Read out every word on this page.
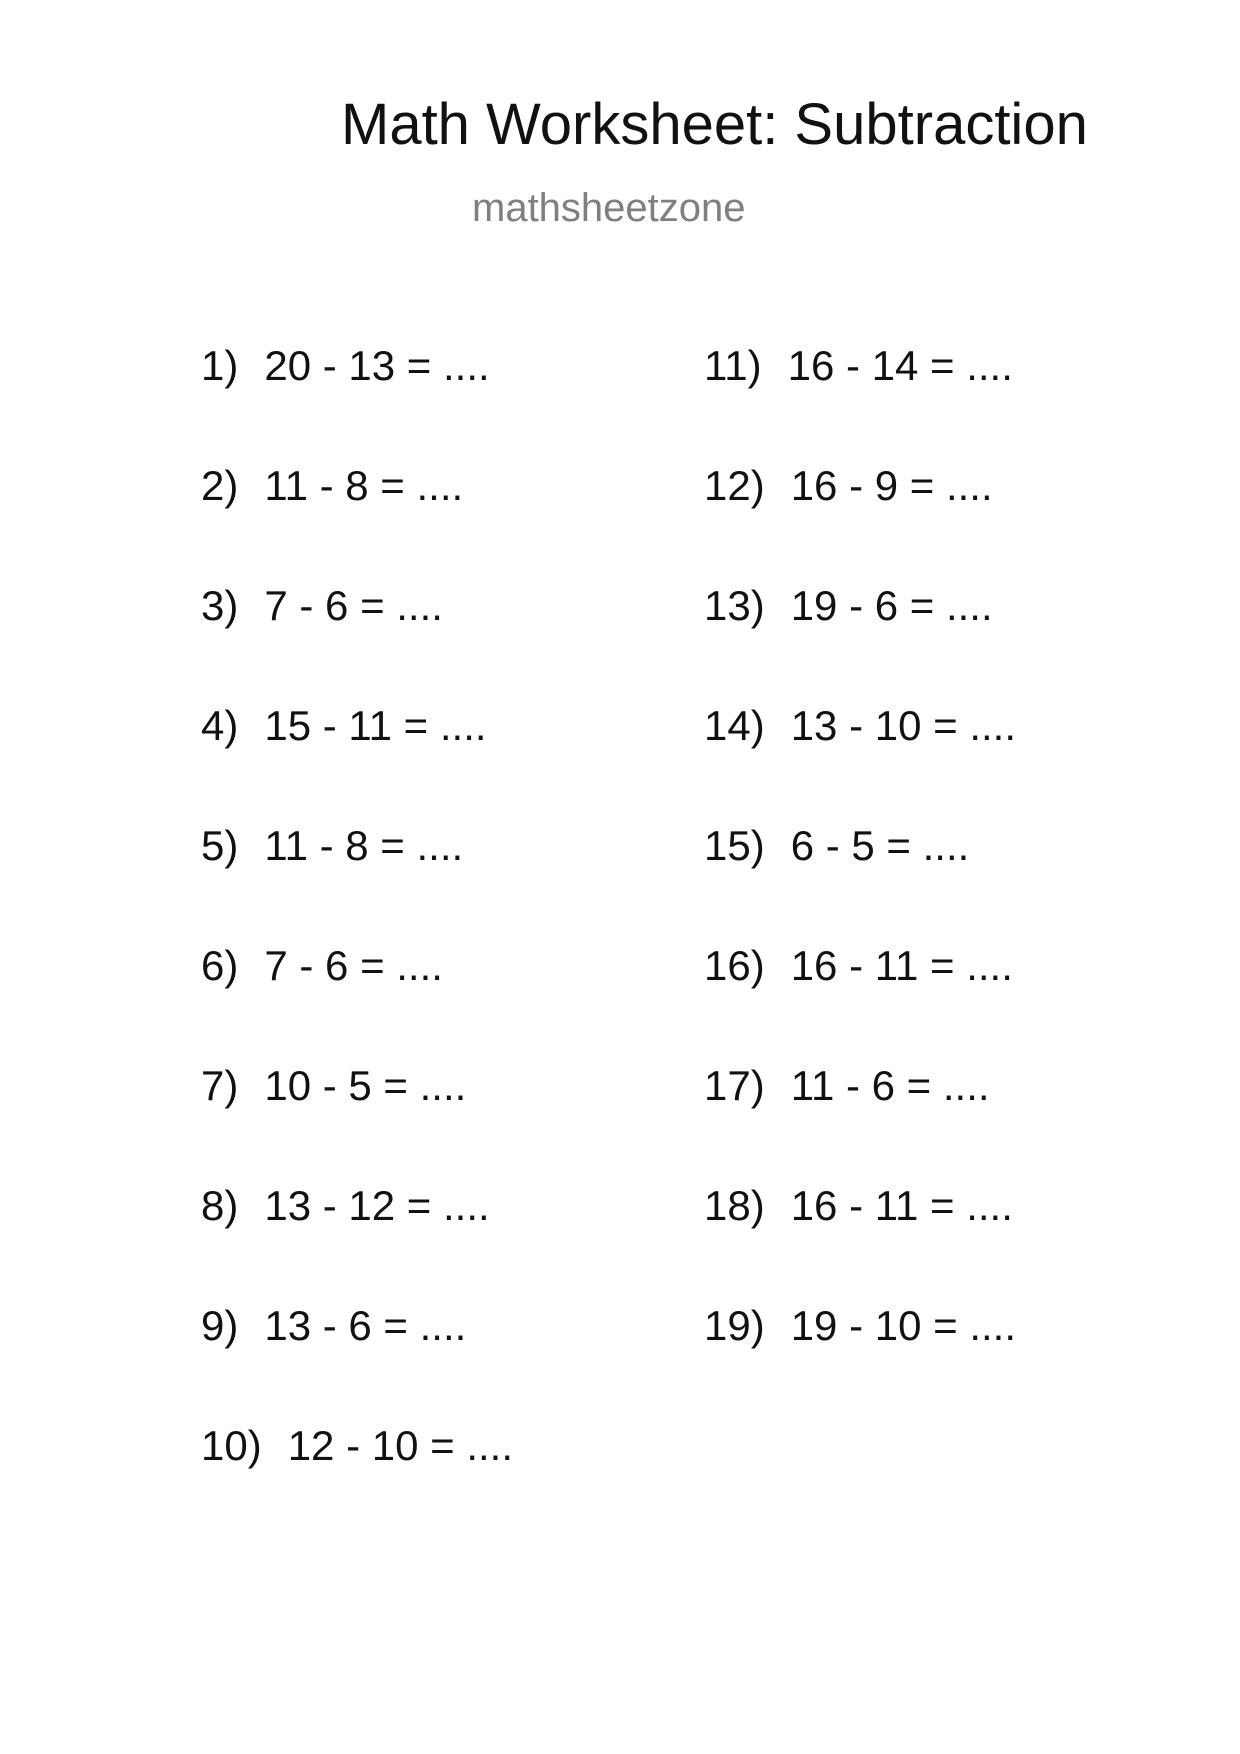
Math Worksheet: Subtraction
mathsheetzone
1) 20 - 13 = ....
2) 11 - 8 = ....
3) 7 - 6 = ....
4) 15 - 11 = ....
5) 11 - 8 = ....
6) 7 - 6 = ....
7) 10 - 5 = ....
8) 13 - 12 = ....
9) 13 - 6 = ....
10) 12 - 10 = ....
11) 16 - 14 = ....
12) 16 - 9 = ....
13) 19 - 6 = ....
14) 13 - 10 = ....
15) 6 - 5 = ....
16) 16 - 11 = ....
17) 11 - 6 = ....
18) 16 - 11 = ....
19) 19 - 10 = ....
